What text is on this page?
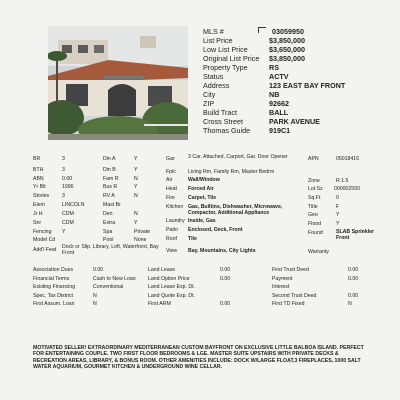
MLS #	03059950
List Price	$3,850,000
Low List Price	$3,650,000
Original List Price $3,850,000
Property Type	RS
Status	ACTV
Address	123 EAST BAY FRONT
City	NB
ZIP	92662
Build Tract	BALL
Cross Street	PARK AVENUE
Thomas Guide	919C1
BR	3
BTH	3
ABN	0.00
Yr Blt	1996
Stories 3
Elem	LINCOLN
Jr H	CDM
Snr	CDM
Fencing Y
Model Cd
Din A	Y
Din B	Y
Fam R	N
Bus R	Y
RV A	N
Mast Br
Den	N
Extra	Y
Spa	Private
Pool	None
Gar	3 Car, Attached, Carport, Gar. Door Opener
Fplc Living Rm, Family Rm, Master Bedrm
Air	Wall/Window
Heat Forced Air
Fire	Carpet, Tile
Kitchen Gas, Builtins, Dishwasher, Microwave, Compactor, Additional Appliance
Laundry Inside, Gas
Patio Enclosed, Deck, Front
Roof Tile
View Bay, Mountains, City Lights
APN	05018416
Zone	R 1.5
Lot Sz 000002550
Sq.Ft	0
Title	F
Geo	Y
Flood	Y
Found	SLAB Sprinkler Front
Warranty
Add'l Feat Dock or Slip, Library, Loft, Waterfront, Bay Front
Association Dues	0.00
Financial Terms	Cash to New Loan
Existing Financing	Conventional
Spec. Tax District	N
First Assum. Loan	N
Land Lease	0.00
Land Option Price	0.00
Land Lease Exp. Dt.
Land Quote Exp. Dt.
First ARM	0.00
First Trust Deed	0.00
Payment	0.00
Interest
Second Trust Deed	0.00
First TD Fixed	N
MOTIVATED SELLER! EXTRAORDINARY MEDITERRANEAN CUSTOM BAYFRONT ON EXCLUSIVE LITTLE BALBOA ISLAND. PERFECT FOR ENTERTAINING COUPLE. TWO FIRST FLOOR BEDROOMS & LGE. MASTER SUITE UPSTAIRS WITH PRIVATE DECKS & RECREATION AREAS, LIBRARY, & BONUS ROOM. OTHER AMENITIES INCLUDE: DOCK W/LARGE FLOAT,3 FIREPLACES, 1000 SALT WATER AQUARIUM, GOURMET KITCHEN & UNDERGROUND WINE CELLAR.
